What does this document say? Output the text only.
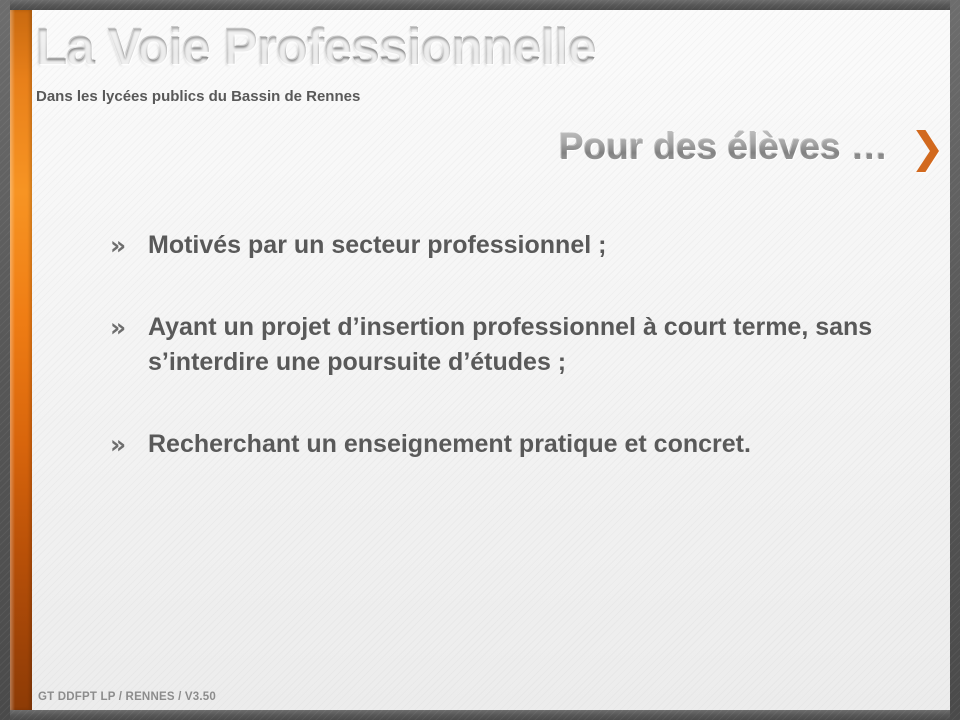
La Voie Professionnelle
Dans les lycées publics du Bassin de Rennes
Pour des élèves … ❯
» Motivés par un secteur professionnel ;
» Ayant un projet d’insertion professionnel à court terme, sans s’interdire une poursuite d’études ;
» Recherchant un enseignement pratique et concret.
GT DDFPT LP / RENNES / V3.50
